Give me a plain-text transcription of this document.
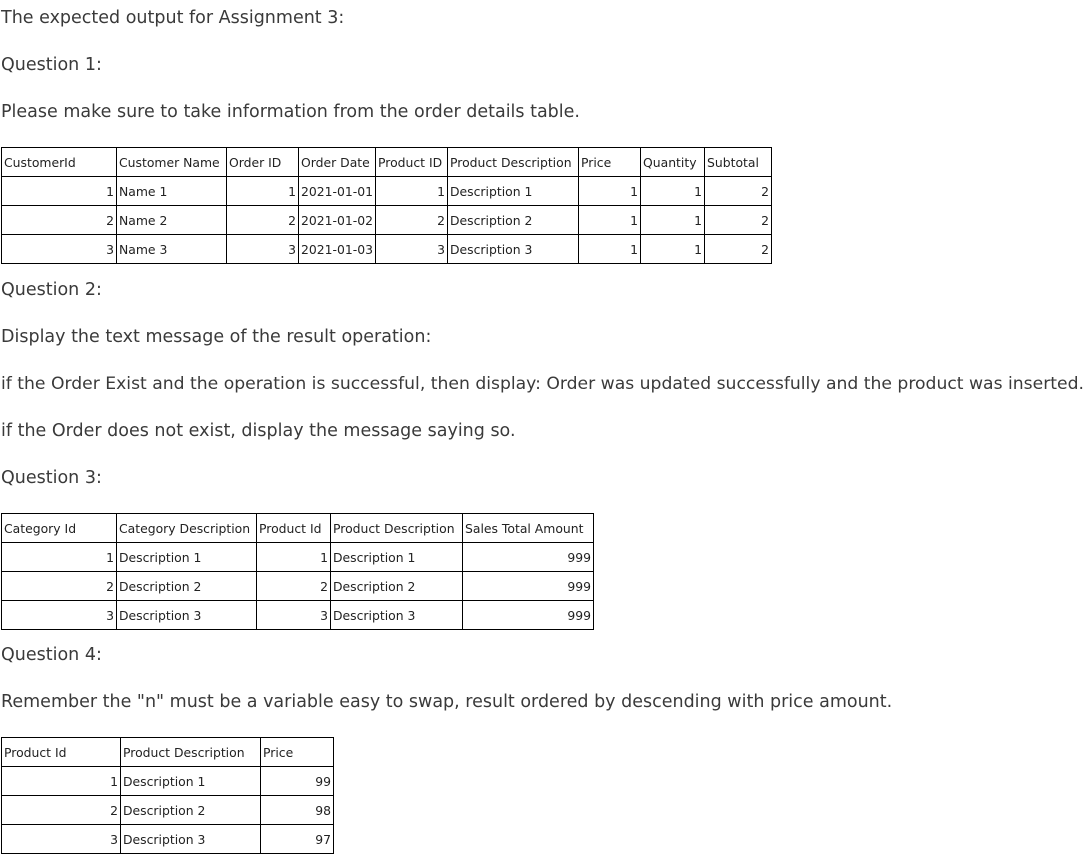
The expected output for Assignment 3:

Question 1:

Please make sure to take information from the order details table.

CustomerId	Customer Name	Order ID	Order Date	Product ID	Product Description	Price	Quantity	Subtotal
1	Name 1	1	2021-01-01	1	Description 1	1	1	2
2	Name 2	2	2021-01-02	2	Description 2	1	1	2
3	Name 3	3	2021-01-03	3	Description 3	1	1	2

Question 2:

Display the text message of the result operation:

if the Order Exist and the operation is successful, then display: Order was updated successfully and the product was inserted.

if the Order does not exist, display the message saying so.

Question 3:

Category Id	Category Description	Product Id	Product Description	Sales Total Amount
1	Description 1	1	Description 1	999
2	Description 2	2	Description 2	999
3	Description 3	3	Description 3	999

Question 4:

Remember the "n" must be a variable easy to swap, result ordered by descending with price amount.

Product Id	Product Description	Price
1	Description 1	99
2	Description 2	98
3	Description 3	97
